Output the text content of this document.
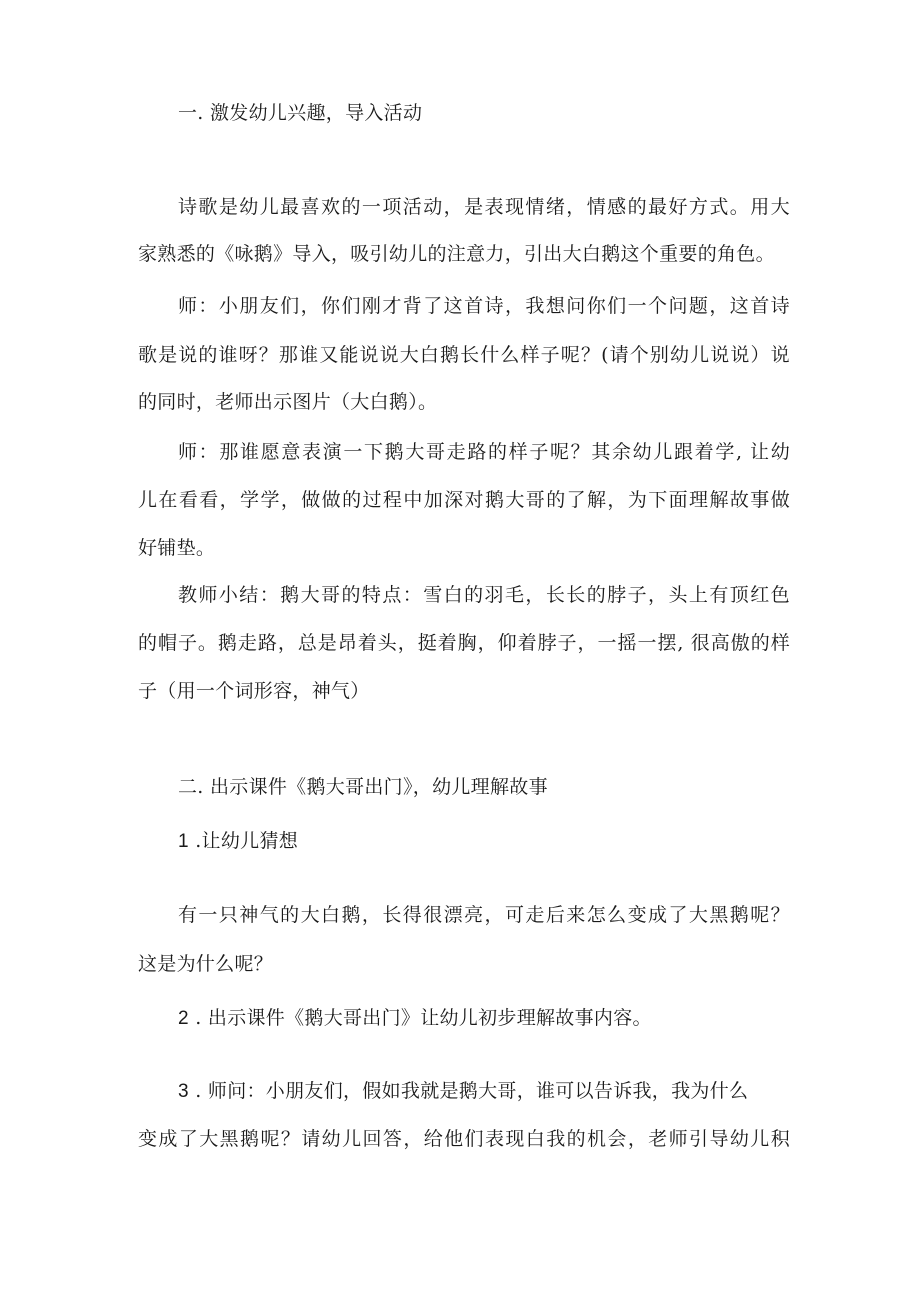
一. 激发幼儿兴趣，导入活动
诗歌是幼儿最喜欢的一项活动，是表现情绪，情感的最好方式。用大
家熟悉的《咏鹅》导入，吸引幼儿的注意力，引出大白鹅这个重要的角色。
师：小朋友们，你们刚才背了这首诗，我想问你们一个问题，这首诗
歌是说的谁呀？那谁又能说说大白鹅长什么样子呢？(请个别幼儿说说）说
的同时，老师出示图片（大白鹅）。
师：那谁愿意表演一下鹅大哥走路的样子呢？其余幼儿跟着学, 让幼
儿在看看，学学，做做的过程中加深对鹅大哥的了解，为下面理解故事做
好铺垫。
教师小结：鹅大哥的特点：雪白的羽毛，长长的脖子，头上有顶红色
的帽子。鹅走路，总是昂着头，挺着胸，仰着脖子，一摇一摆, 很高傲的样
子（用一个词形容，神气）
二. 出示课件《鹅大哥出门》，幼儿理解故事
1 .让幼儿猜想
有一只神气的大白鹅，长得很漂亮，可走后来怎么变成了大黑鹅呢？
这是为什么呢？
2 . 出示课件《鹅大哥出门》让幼儿初步理解故事内容。
3 . 师问：小朋友们，假如我就是鹅大哥，谁可以告诉我，我为什么
变成了大黑鹅呢？请幼儿回答，给他们表现白我的机会，老师引导幼儿积
